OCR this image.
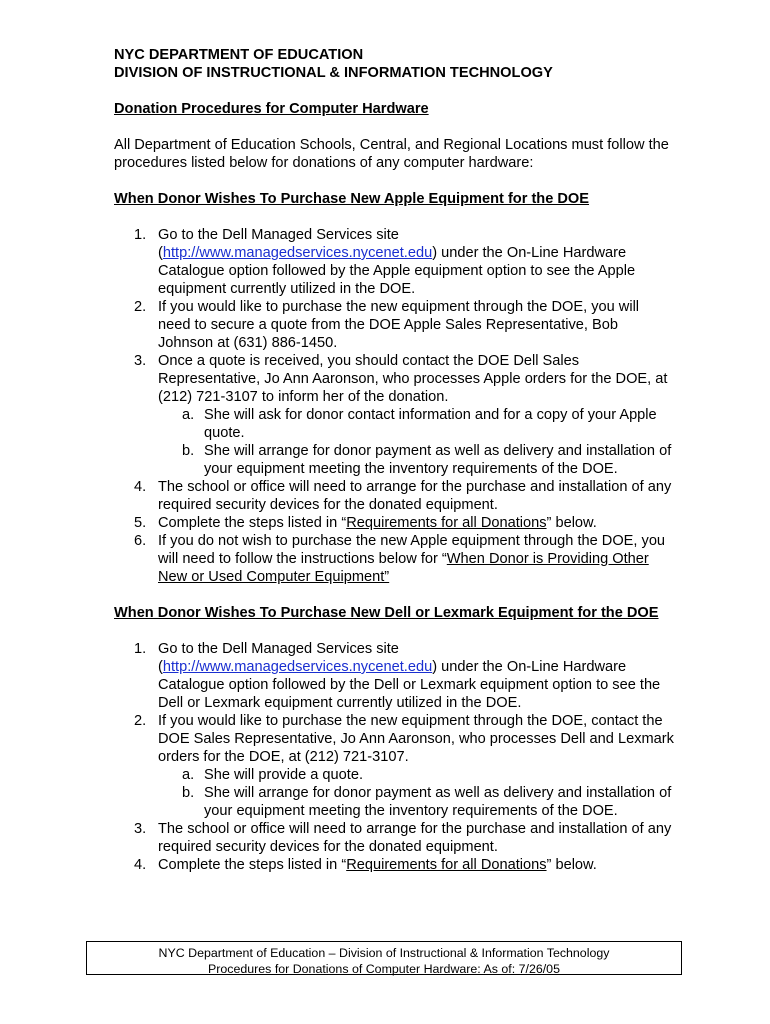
NYC DEPARTMENT OF EDUCATION
DIVISION OF INSTRUCTIONAL & INFORMATION TECHNOLOGY
Donation Procedures for Computer Hardware
All Department of Education Schools, Central, and Regional Locations must follow the procedures listed below for donations of any computer hardware:
When Donor Wishes To Purchase New Apple Equipment for the DOE
1. Go to the Dell Managed Services site (http://www.managedservices.nycenet.edu) under the On-Line Hardware Catalogue option followed by the Apple equipment option to see the Apple equipment currently utilized in the DOE.
2. If you would like to purchase the new equipment through the DOE, you will need to secure a quote from the DOE Apple Sales Representative, Bob Johnson at (631) 886-1450.
3. Once a quote is received, you should contact the DOE Dell Sales Representative, Jo Ann Aaronson, who processes Apple orders for the DOE, at (212) 721-3107 to inform her of the donation.
a. She will ask for donor contact information and for a copy of your Apple quote.
b. She will arrange for donor payment as well as delivery and installation of your equipment meeting the inventory requirements of the DOE.
4. The school or office will need to arrange for the purchase and installation of any required security devices for the donated equipment.
5. Complete the steps listed in “Requirements for all Donations” below.
6. If you do not wish to purchase the new Apple equipment through the DOE, you will need to follow the instructions below for “When Donor is Providing Other New or Used Computer Equipment”
When Donor Wishes To Purchase New Dell or Lexmark Equipment for the DOE
1. Go to the Dell Managed Services site (http://www.managedservices.nycenet.edu) under the On-Line Hardware Catalogue option followed by the Dell or Lexmark equipment option to see the Dell or Lexmark equipment currently utilized in the DOE.
2. If you would like to purchase the new equipment through the DOE, contact the DOE Sales Representative, Jo Ann Aaronson, who processes Dell and Lexmark orders for the DOE, at (212) 721-3107.
a. She will provide a quote.
b. She will arrange for donor payment as well as delivery and installation of your equipment meeting the inventory requirements of the DOE.
3. The school or office will need to arrange for the purchase and installation of any required security devices for the donated equipment.
4. Complete the steps listed in “Requirements for all Donations” below.
NYC Department of Education – Division of Instructional & Information Technology
Procedures for Donations of Computer Hardware: As of: 7/26/05
